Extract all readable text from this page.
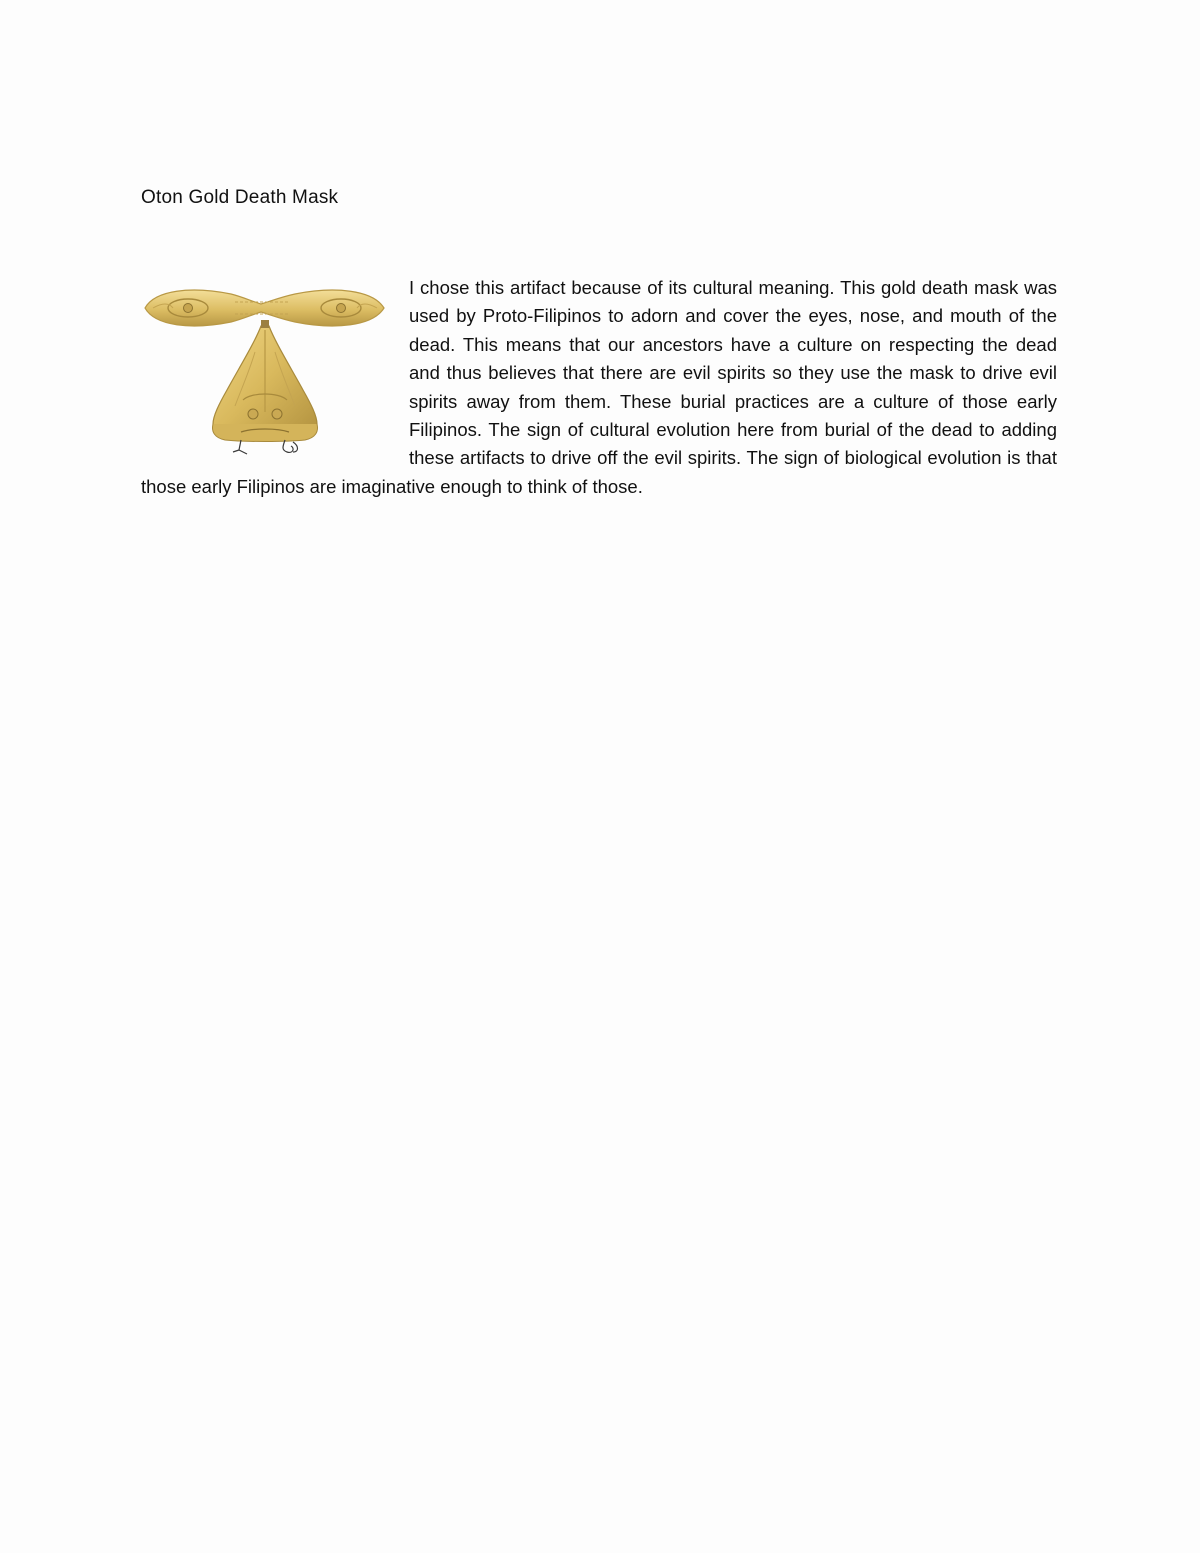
Oton Gold Death Mask

I chose this artifact because of its cultural meaning. This gold death mask was used by Proto-Filipinos to adorn and cover the eyes, nose, and mouth of the dead. This means that our ancestors have a culture on respecting the dead and thus believes that there are evil spirits so they use the mask to drive evil spirits away from them. These burial practices are a culture of those early Filipinos. The sign of cultural evolution here from burial of the dead to adding these artifacts to drive off the evil spirits. The sign of biological evolution is that those early Filipinos are imaginative enough to think of those.
